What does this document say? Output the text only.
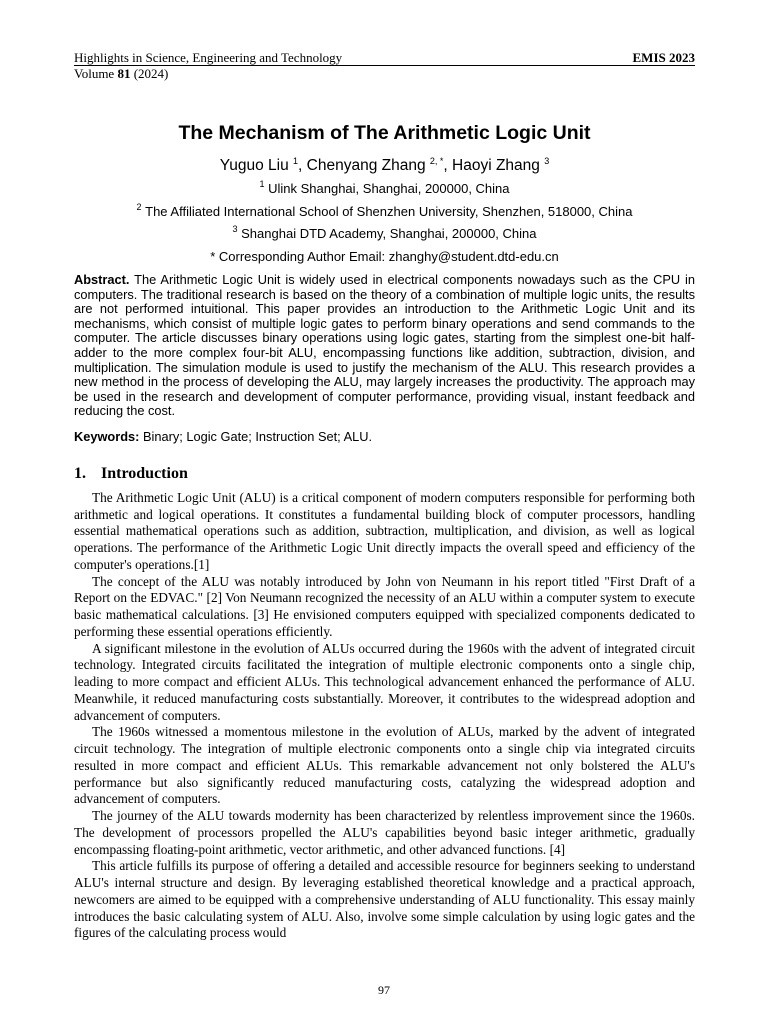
Highlights in Science, Engineering and Technology	EMIS 2023
Volume 81 (2024)
The Mechanism of The Arithmetic Logic Unit
Yuguo Liu $^1$, Chenyang Zhang $^{2, *}$, Haoyi Zhang $^3$
$^1$ Ulink Shanghai, Shanghai, 200000, China
$^2$ The Affiliated International School of Shenzhen University, Shenzhen, 518000, China
$^3$ Shanghai DTD Academy, Shanghai, 200000, China
* Corresponding Author Email: zhanghy@student.dtd-edu.cn
Abstract. The Arithmetic Logic Unit is widely used in electrical components nowadays such as the CPU in computers. The traditional research is based on the theory of a combination of multiple logic units, the results are not performed intuitional. This paper provides an introduction to the Arithmetic Logic Unit and its mechanisms, which consist of multiple logic gates to perform binary operations and send commands to the computer. The article discusses binary operations using logic gates, starting from the simplest one-bit half-adder to the more complex four-bit ALU, encompassing functions like addition, subtraction, division, and multiplication. The simulation module is used to justify the mechanism of the ALU. This research provides a new method in the process of developing the ALU, may largely increases the productivity. The approach may be used in the research and development of computer performance, providing visual, instant feedback and reducing the cost.
Keywords: Binary; Logic Gate; Instruction Set; ALU.
1. Introduction

The Arithmetic Logic Unit (ALU) is a critical component of modern computers responsible for performing both arithmetic and logical operations. It constitutes a fundamental building block of computer processors, handling essential mathematical operations such as addition, subtraction, multiplication, and division, as well as logical operations. The performance of the Arithmetic Logic Unit directly impacts the overall speed and efficiency of the computer's operations.[1]

The concept of the ALU was notably introduced by John von Neumann in his report titled "First Draft of a Report on the EDVAC." [2] Von Neumann recognized the necessity of an ALU within a computer system to execute basic mathematical calculations. [3] He envisioned computers equipped with specialized components dedicated to performing these essential operations efficiently.

A significant milestone in the evolution of ALUs occurred during the 1960s with the advent of integrated circuit technology. Integrated circuits facilitated the integration of multiple electronic components onto a single chip, leading to more compact and efficient ALUs. This technological advancement enhanced the performance of ALU. Meanwhile, it reduced manufacturing costs substantially. Moreover, it contributes to the widespread adoption and advancement of computers.

The 1960s witnessed a momentous milestone in the evolution of ALUs, marked by the advent of integrated circuit technology. The integration of multiple electronic components onto a single chip via integrated circuits resulted in more compact and efficient ALUs. This remarkable advancement not only bolstered the ALU's performance but also significantly reduced manufacturing costs, catalyzing the widespread adoption and advancement of computers.

The journey of the ALU towards modernity has been characterized by relentless improvement since the 1960s. The development of processors propelled the ALU's capabilities beyond basic integer arithmetic, gradually encompassing floating-point arithmetic, vector arithmetic, and other advanced functions. [4]

This article fulfills its purpose of offering a detailed and accessible resource for beginners seeking to understand ALU's internal structure and design. By leveraging established theoretical knowledge and a practical approach, newcomers are aimed to be equipped with a comprehensive understanding of ALU functionality. This essay mainly introduces the basic calculating system of ALU. Also, involve some simple calculation by using logic gates and the figures of the calculating process would

97
